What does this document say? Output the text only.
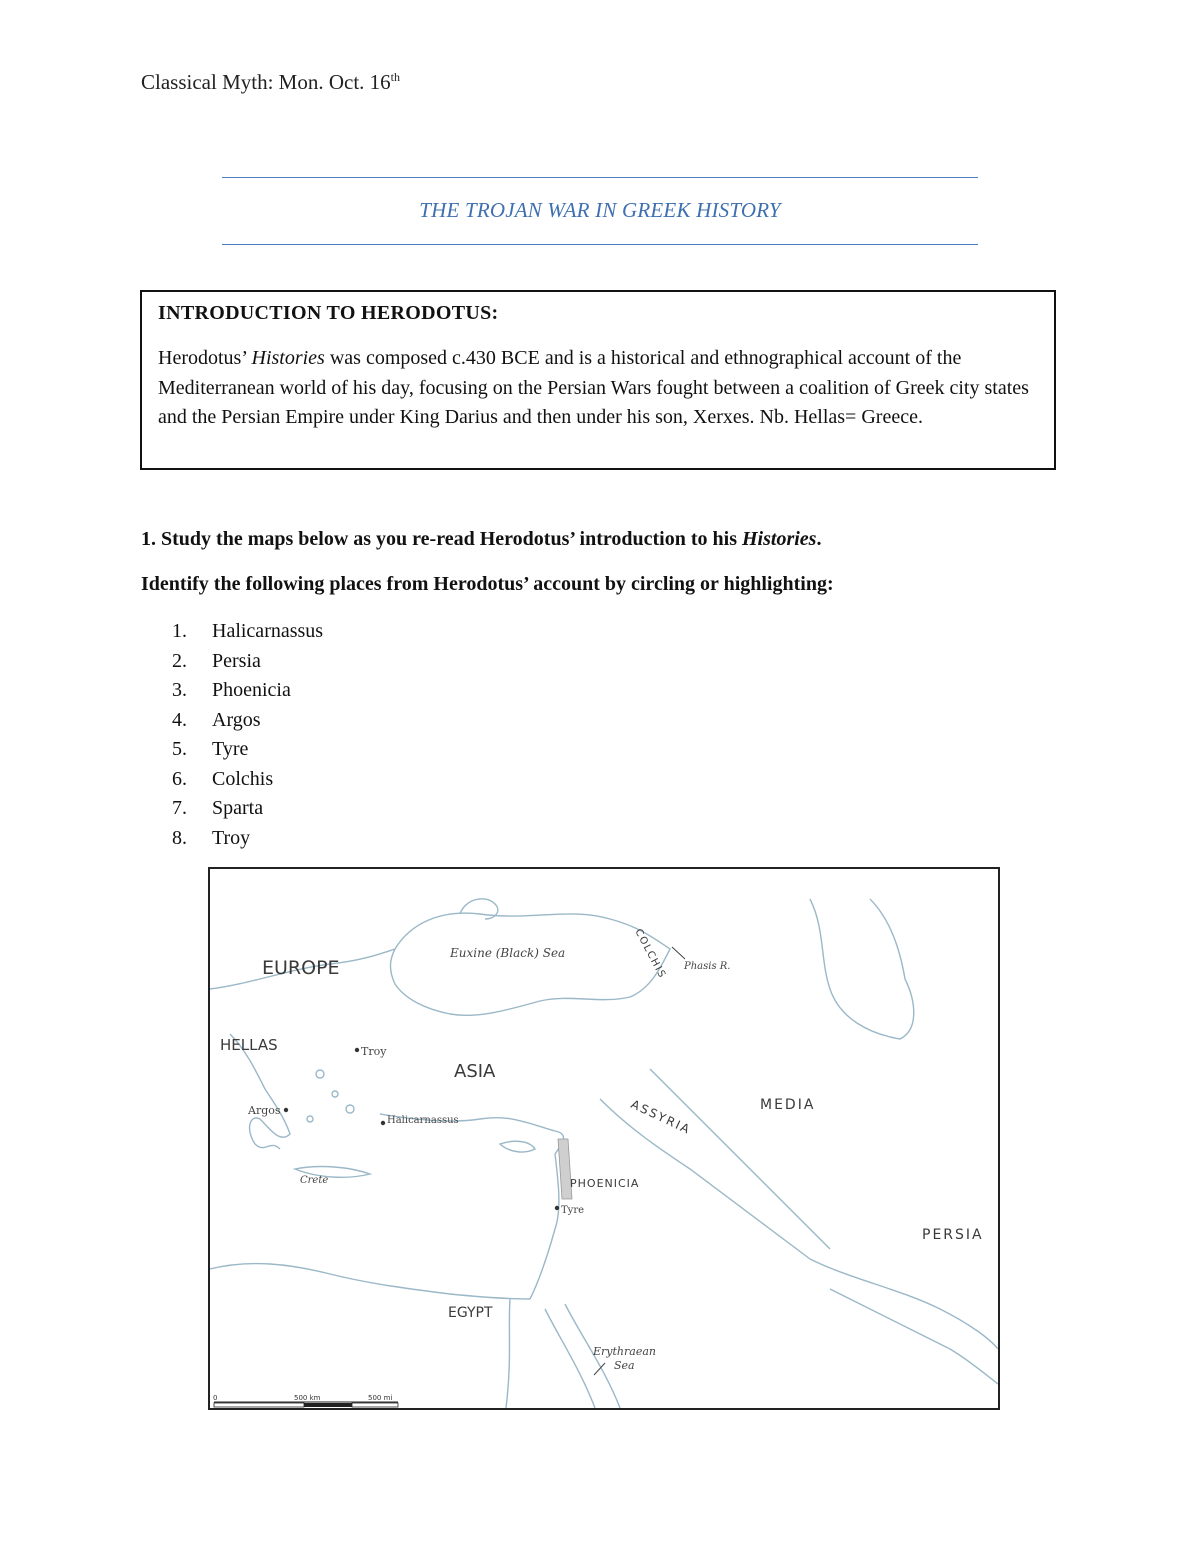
Classical Myth: Mon. Oct. 16th
THE TROJAN WAR IN GREEK HISTORY
INTRODUCTION TO HERODOTUS:
Herodotus’ Histories was composed c.430 BCE and is a historical and ethnographical account of the Mediterranean world of his day, focusing on the Persian Wars fought between a coalition of Greek city states and the Persian Empire under King Darius and then under his son, Xerxes. Nb. Hellas= Greece.
1. Study the maps below as you re-read Herodotus’ introduction to his Histories.
Identify the following places from Herodotus’ account by circling or highlighting:
1.	Halicarnassus
2.	Persia
3.	Phoenicia
4.	Argos
5.	Tyre
6.	Colchis
7.	Sparta
8.	Troy
EUROPE
HELLAS
ASIA
MEDIA
PERSIA
EGYPT
PHOENICIA
ASSYRIA
COLCHIS
Troy
Argos
Halicarnassus
Tyre
Crete
Phasis R.
Euxine (Black) Sea
Erythraean
Sea
0	500 km	500 mi
